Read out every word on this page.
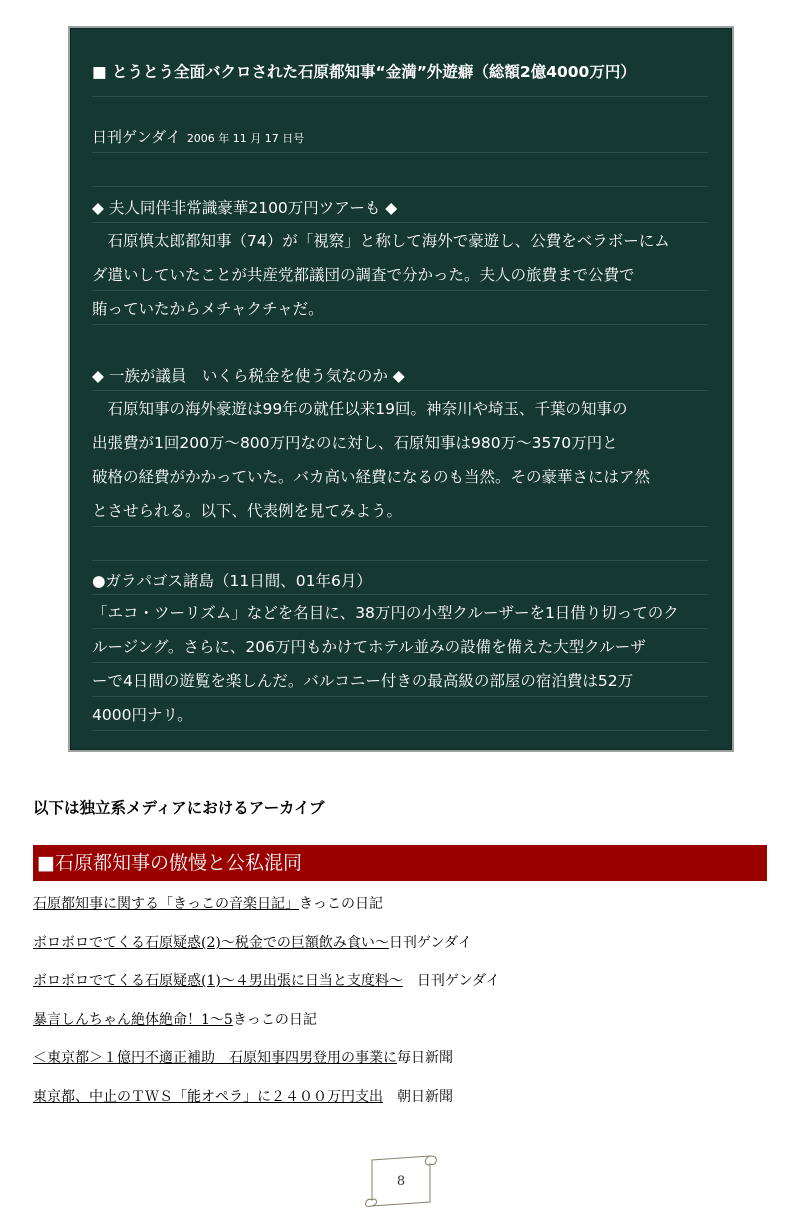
■ とうとう全面バクロされた石原都知事“金満”外遊癖（総額2億4000万円）
日刊ゲンダイ 2006 年 11 月 17 日号
◆ 夫人同伴非常識豪華2100万円ツアーも ◆
　石原慎太郎都知事（74）が「視察」と称して海外で豪遊し、公費をベラボーにム
ダ遣いしていたことが共産党都議団の調査で分かった。夫人の旅費まで公費で
賄っていたからメチャクチャだ。
◆ 一族が議員　いくら税金を使う気なのか ◆
　石原知事の海外豪遊は99年の就任以来19回。神奈川や埼玉、千葉の知事の
出張費が1回200万～800万円なのに対し、石原知事は980万～3570万円と
破格の経費がかかっていた。バカ高い経費になるのも当然。その豪華さにはア然
とさせられる。以下、代表例を見てみよう。
●ガラパゴス諸島（11日間、01年6月）
「エコ・ツーリズム」などを名目に、38万円の小型クルーザーを1日借り切ってのク
ルージング。さらに、206万円もかけてホテル並みの設備を備えた大型クルーザ
ーで4日間の遊覧を楽しんだ。バルコニー付きの最高級の部屋の宿泊費は52万
4000円ナリ。
以下は独立系メディアにおけるアーカイブ
■石原都知事の傲慢と公私混同
石原都知事に関する「きっこの音楽日記」きっこの日記
ボロボロでてくる石原疑惑(2)～税金での巨額飲み食い～日刊ゲンダイ
ボロボロでてくる石原疑惑(1)～４男出張に日当と支度料～　日刊ゲンダイ
暴言しんちゃん絶体絶命！1～5きっこの日記
＜東京都＞１億円不適正補助　石原知事四男登用の事業に毎日新聞
東京都、中止のＴＷＳ「能オペラ」に２４００万円支出　朝日新聞
8
